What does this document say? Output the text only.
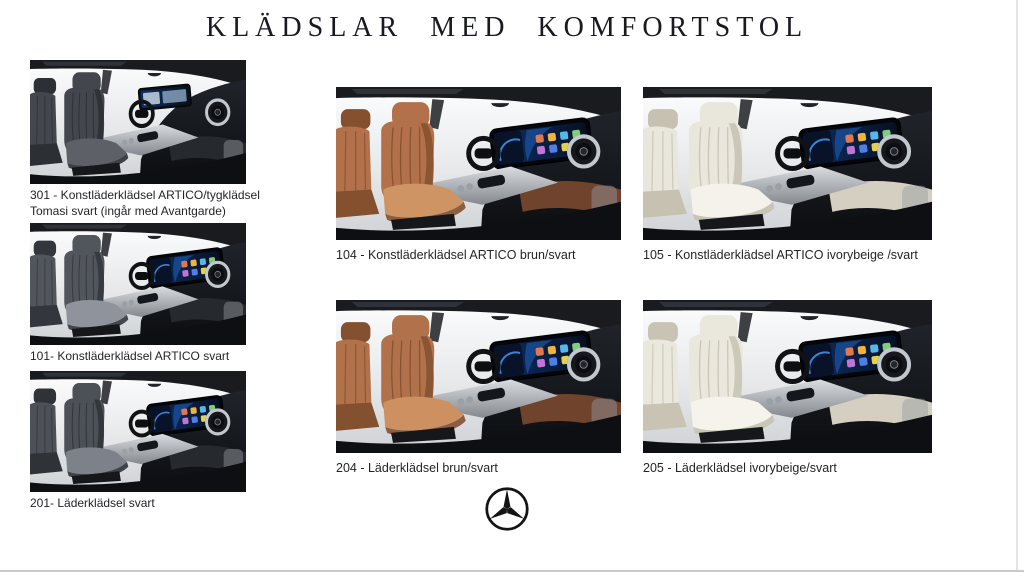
KLÄDSLAR MED KOMFORTSTOL
301 - Konstläderklädsel ARTICO/tygklädsel Tomasi svart (ingår med Avantgarde)
101- Konstläderklädsel ARTICO svart
201- Läderklädsel svart
104 - Konstläderklädsel ARTICO brun/svart
204 - Läderklädsel brun/svart
105 - Konstläderklädsel ARTICO ivorybeige /svart
205 - Läderklädsel ivorybeige/svart
